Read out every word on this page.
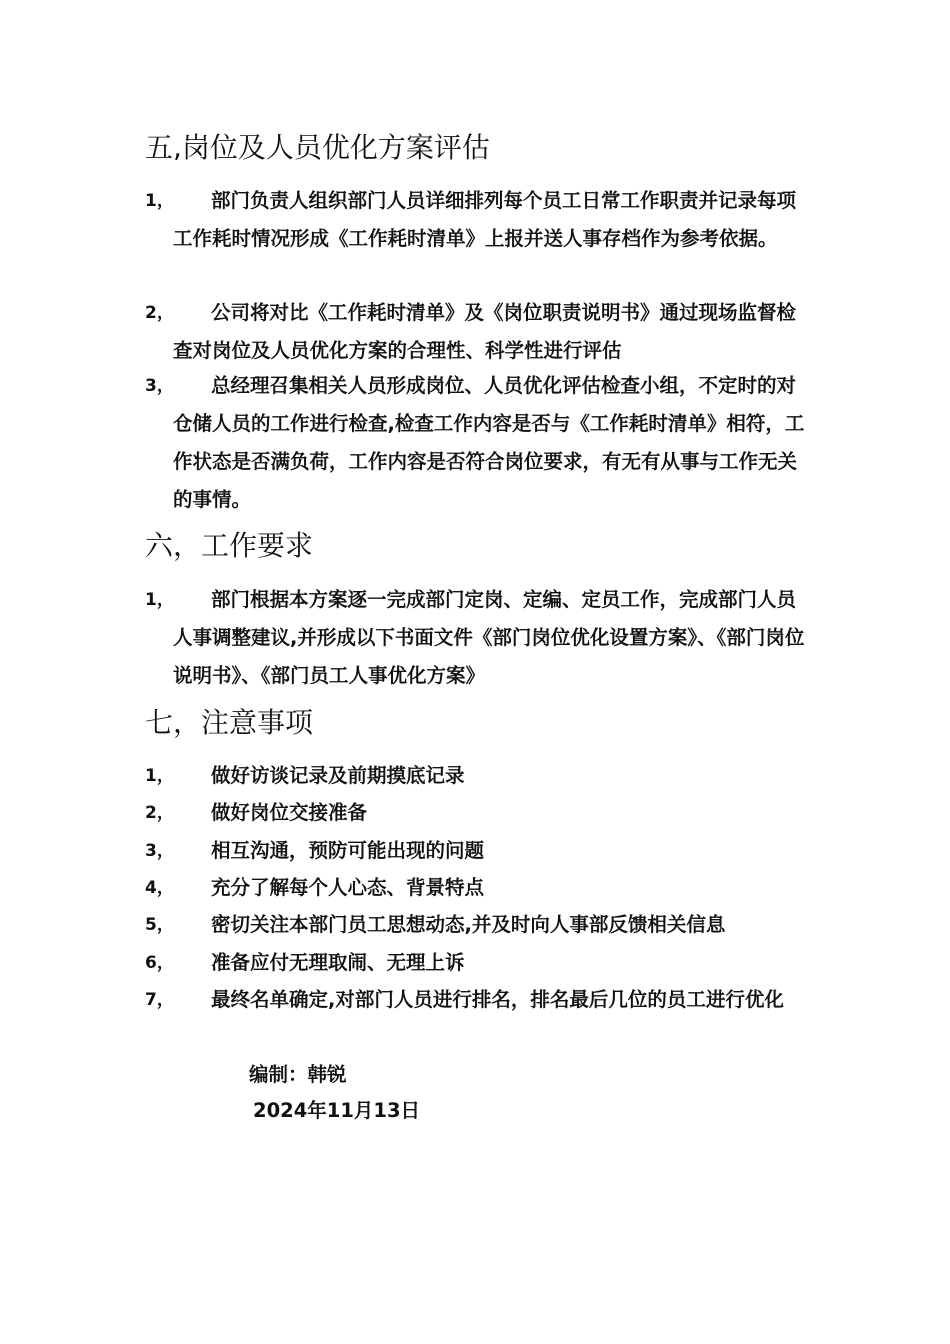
五,岗位及人员优化方案评估
1，	部门负责人组织部门人员详细排列每个员工日常工作职责并记录每项工作耗时情况形成《工作耗时清单》上报并送人事存档作为参考依据。
2，	公司将对比《工作耗时清单》及《岗位职责说明书》通过现场监督检查对岗位及人员优化方案的合理性、科学性进行评估
3，	总经理召集相关人员形成岗位、人员优化评估检查小组，不定时的对仓储人员的工作进行检查,检查工作内容是否与《工作耗时清单》相符，工作状态是否满负荷，工作内容是否符合岗位要求，有无有从事与工作无关的事情。
六，工作要求
1，	部门根据本方案逐一完成部门定岗、定编、定员工作，完成部门人员人事调整建议,并形成以下书面文件《部门岗位优化设置方案》、《部门岗位说明书》、《部门员工人事优化方案》
七，注意事项
1，	做好访谈记录及前期摸底记录
2，	做好岗位交接准备
3，	相互沟通，预防可能出现的问题
4，	充分了解每个人心态、背景特点
5，	密切关注本部门员工思想动态,并及时向人事部反馈相关信息
6，	准备应付无理取闹、无理上诉
7，	最终名单确定,对部门人员进行排名，排名最后几位的员工进行优化
编制：韩锐
2024年11月13日
